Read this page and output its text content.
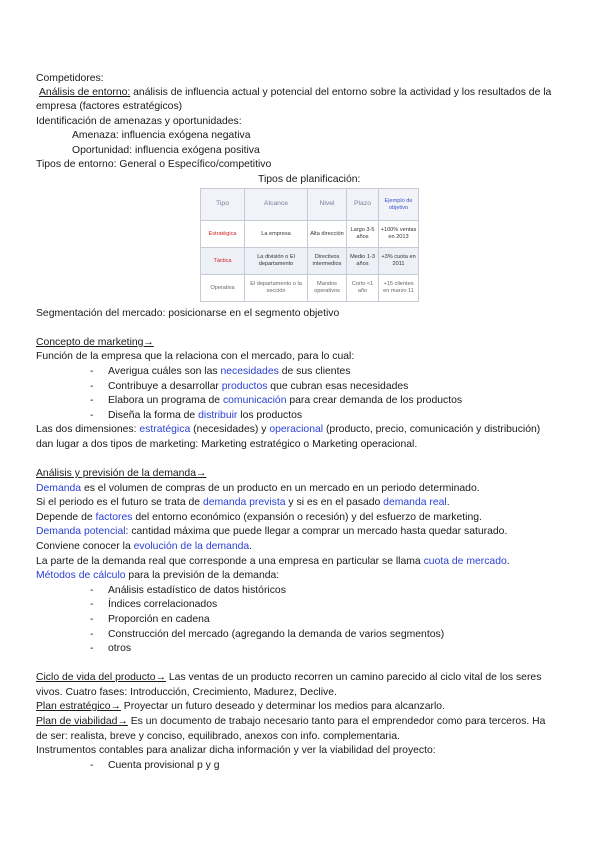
Competidores:
Análisis de entorno: análisis de influencia actual y potencial del entorno sobre la actividad y los resultados de la
empresa (factores estratégicos)
Identificación de amenazas y oportunidades:
Amenaza: influencia exógena negativa
Oportunidad: influencia exógena positiva
Tipos de entorno: General o Específico/competitivo
Tipos de planificación:
Tipo	Alcance	Nivel	Plazo	Ejemplo de objetivo
Estratégica	La empresa	Alta dirección	Largo 3-5 años	+100% ventas en 2013
Táctica	La división o El departamento	Directivos intermedios	Medio 1-3 años	+3% cuota en 2011
Operativa	El departamento o la sección	Mandos operativos	Corto <1 año	+15 clientes en marzo 11
Segmentación del mercado: posicionarse en el segmento objetivo
Concepto de marketing→
Función de la empresa que la relaciona con el mercado, para lo cual:
- Averigua cuáles son las necesidades de sus clientes
- Contribuye a desarrollar productos que cubran esas necesidades
- Elabora un programa de comunicación para crear demanda de los productos
- Diseña la forma de distribuir los productos
Las dos dimensiones: estratégica (necesidades) y operacional (producto, precio, comunicación y distribución)
dan lugar a dos tipos de marketing: Marketing estratégico o Marketing operacional.
Análisis y previsión de la demanda→
Demanda es el volumen de compras de un producto en un mercado en un periodo determinado.
Si el periodo es el futuro se trata de demanda prevista y si es en el pasado demanda real.
Depende de factores del entorno económico (expansión o recesión) y del esfuerzo de marketing.
Demanda potencial: cantidad máxima que puede llegar a comprar un mercado hasta quedar saturado.
Conviene conocer la evolución de la demanda.
La parte de la demanda real que corresponde a una empresa en particular se llama cuota de mercado.
Métodos de cálculo para la previsión de la demanda:
- Análisis estadístico de datos históricos
- Índices correlacionados
- Proporción en cadena
- Construcción del mercado (agregando la demanda de varios segmentos)
- otros
Ciclo de vida del producto→ Las ventas de un producto recorren un camino parecido al ciclo vital de los seres
vivos. Cuatro fases: Introducción, Crecimiento, Madurez, Declive.
Plan estratégico→ Proyectar un futuro deseado y determinar los medios para alcanzarlo.
Plan de viabilidad→ Es un documento de trabajo necesario tanto para el emprendedor como para terceros. Ha
de ser: realista, breve y conciso, equilibrado, anexos con info. complementaria.
Instrumentos contables para analizar dicha información y ver la viabilidad del proyecto:
- Cuenta provisional p y g
